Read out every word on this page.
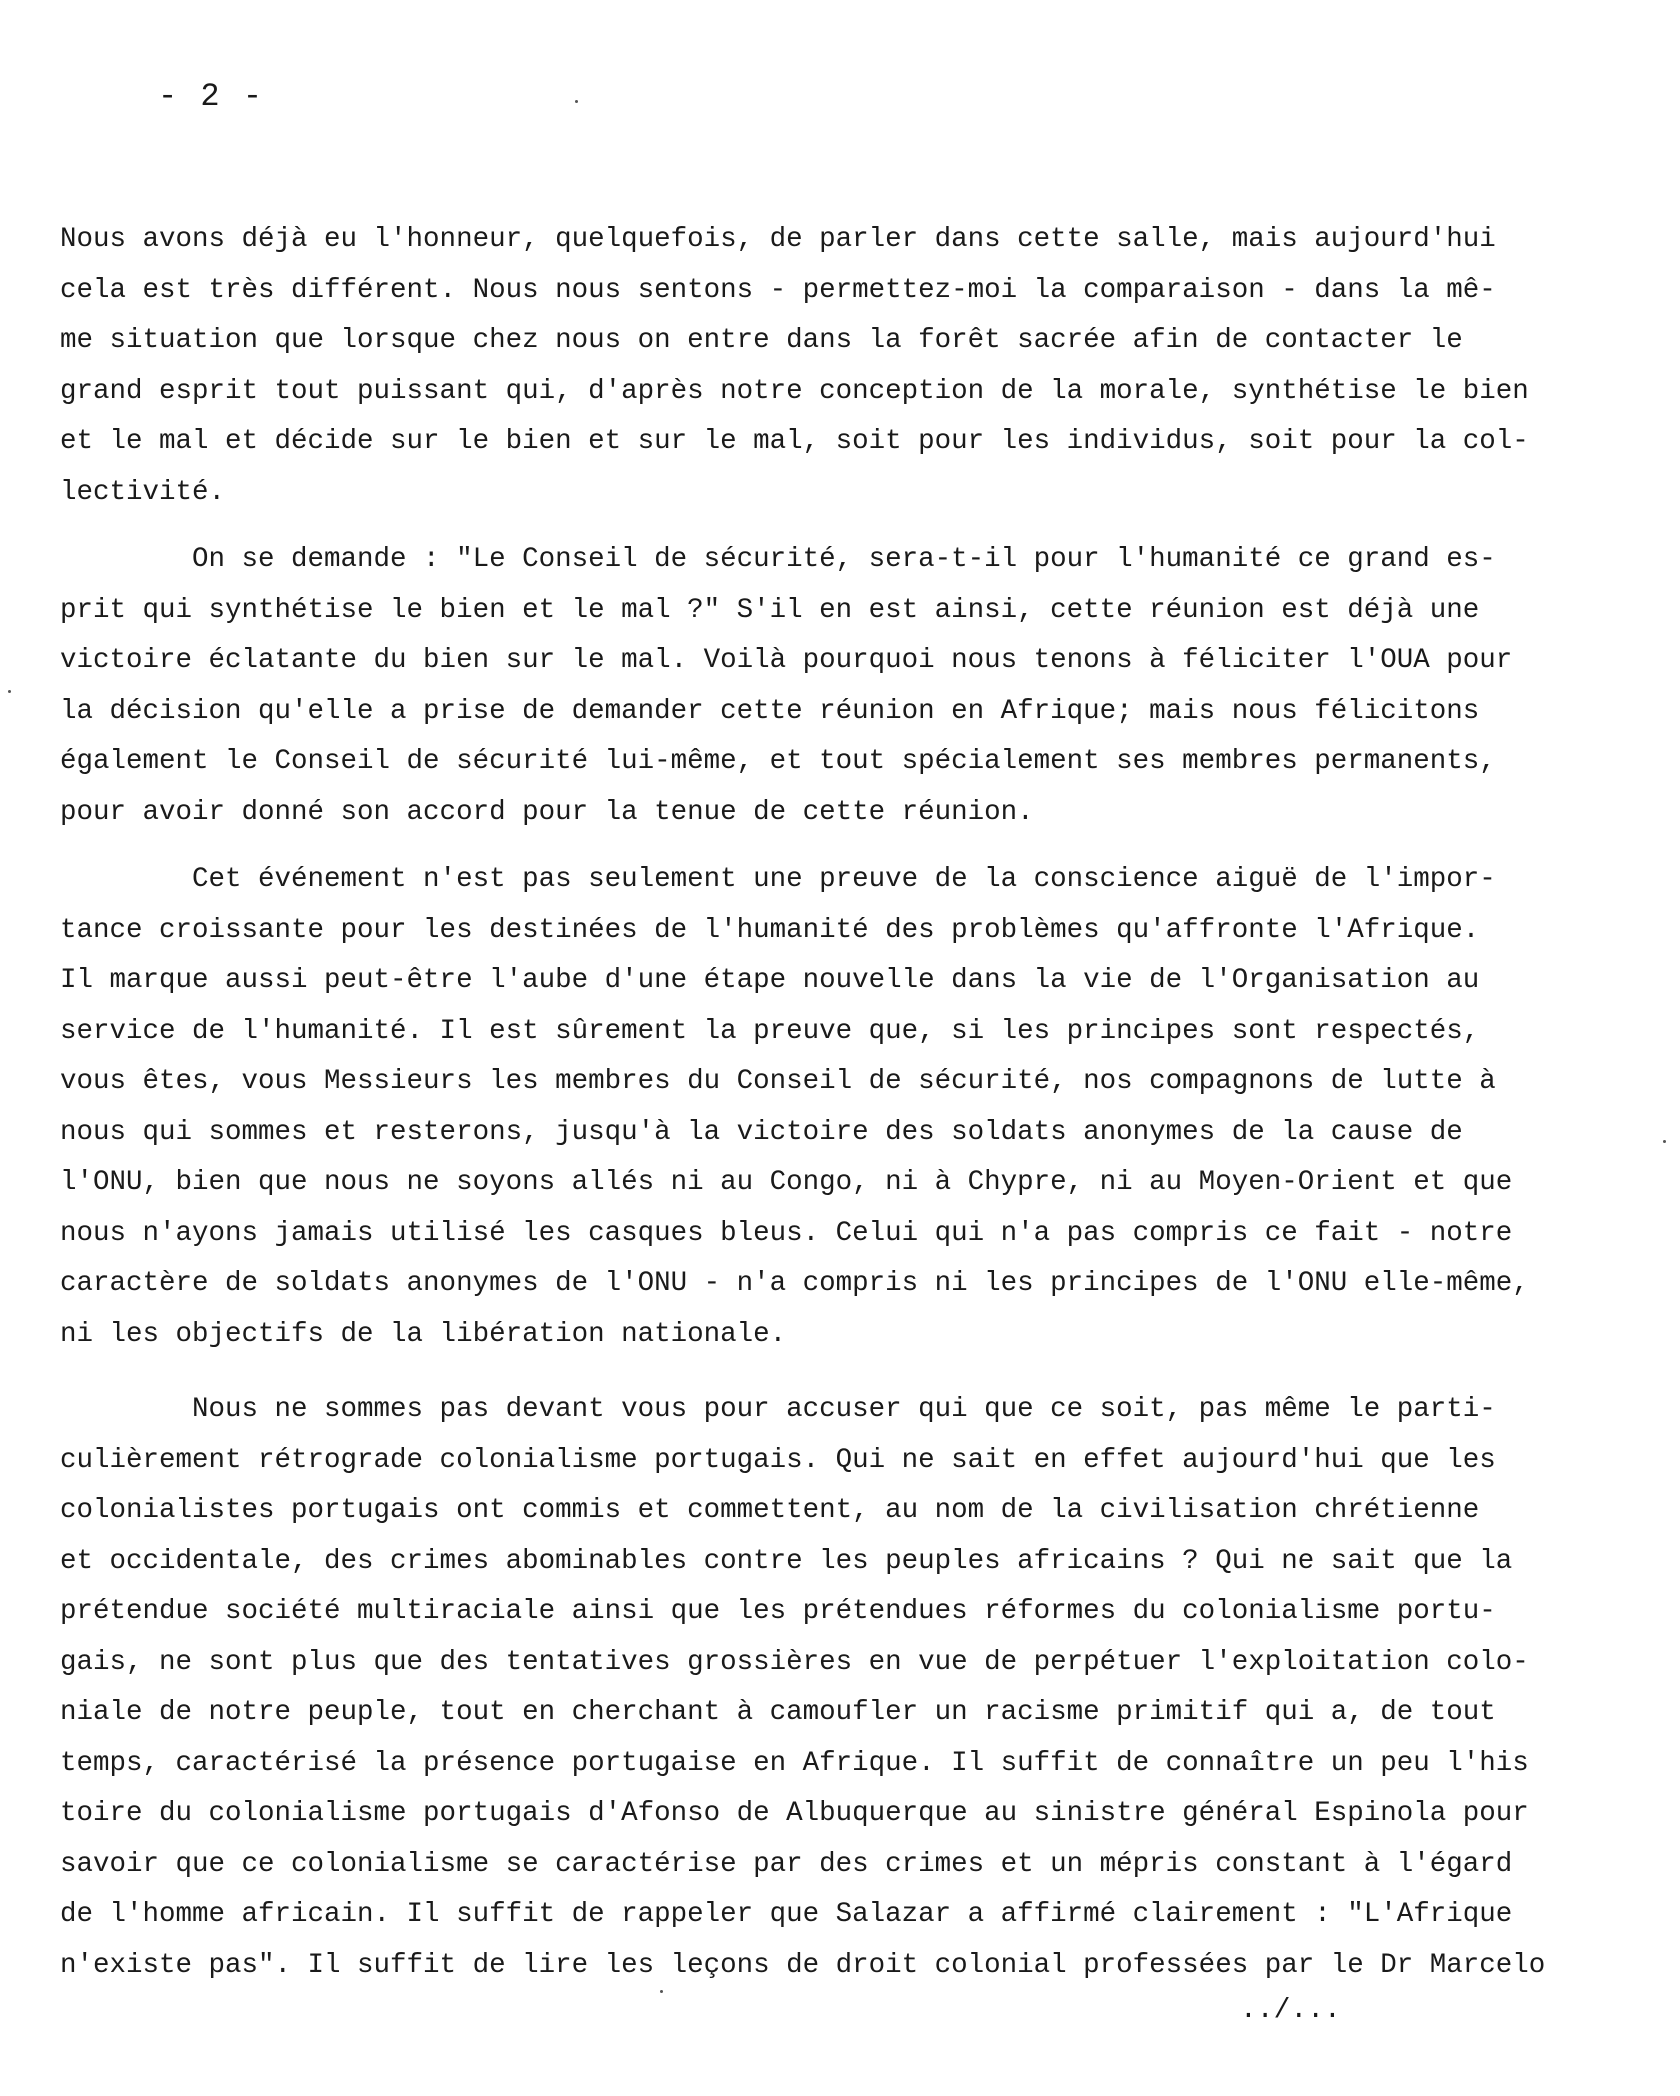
- 2 -
Nous avons déjà eu l'honneur, quelquefois, de parler dans cette salle, mais aujourd'hui
cela est très différent. Nous nous sentons - permettez-moi la comparaison - dans la mê-
me situation que lorsque chez nous on entre dans la forêt sacrée afin de contacter le
grand esprit tout puissant qui, d'après notre conception de la morale, synthétise le bien
et le mal et décide sur le bien et sur le mal, soit pour les individus, soit pour la col-
lectivité.
On se demande : "Le Conseil de sécurité, sera-t-il pour l'humanité ce grand es-
prit qui synthétise le bien et le mal ?" S'il en est ainsi, cette réunion est déjà une
victoire éclatante du bien sur le mal. Voilà pourquoi nous tenons à féliciter l'OUA pour
la décision qu'elle a prise de demander cette réunion en Afrique; mais nous félicitons
également le Conseil de sécurité lui-même, et tout spécialement ses membres permanents,
pour avoir donné son accord pour la tenue de cette réunion.
Cet événement n'est pas seulement une preuve de la conscience aiguë de l'impor-
tance croissante pour les destinées de l'humanité des problèmes qu'affronte l'Afrique.
Il marque aussi peut-être l'aube d'une étape nouvelle dans la vie de l'Organisation au
service de l'humanité. Il est sûrement la preuve que, si les principes sont respectés,
vous êtes, vous Messieurs les membres du Conseil de sécurité, nos compagnons de lutte à
nous qui sommes et resterons, jusqu'à la victoire des soldats anonymes de la cause de
l'ONU, bien que nous ne soyons allés ni au Congo, ni à Chypre, ni au Moyen-Orient et que
nous n'ayons jamais utilisé les casques bleus. Celui qui n'a pas compris ce fait - notre
caractère de soldats anonymes de l'ONU - n'a compris ni les principes de l'ONU elle-même,
ni les objectifs de la libération nationale.
Nous ne sommes pas devant vous pour accuser qui que ce soit, pas même le parti-
culièrement rétrograde colonialisme portugais. Qui ne sait en effet aujourd'hui que les
colonialistes portugais ont commis et commettent, au nom de la civilisation chrétienne
et occidentale, des crimes abominables contre les peuples africains ? Qui ne sait que la
prétendue société multiraciale ainsi que les prétendues réformes du colonialisme portu-
gais, ne sont plus que des tentatives grossières en vue de perpétuer l'exploitation colo-
niale de notre peuple, tout en cherchant à camoufler un racisme primitif qui a, de tout
temps, caractérisé la présence portugaise en Afrique. Il suffit de connaître un peu l'his
toire du colonialisme portugais d'Afonso de Albuquerque au sinistre général Espinola pour
savoir que ce colonialisme se caractérise par des crimes et un mépris constant à l'égard
de l'homme africain. Il suffit de rappeler que Salazar a affirmé clairement : "L'Afrique
n'existe pas". Il suffit de lire les leçons de droit colonial professées par le Dr Marcelo
../...
